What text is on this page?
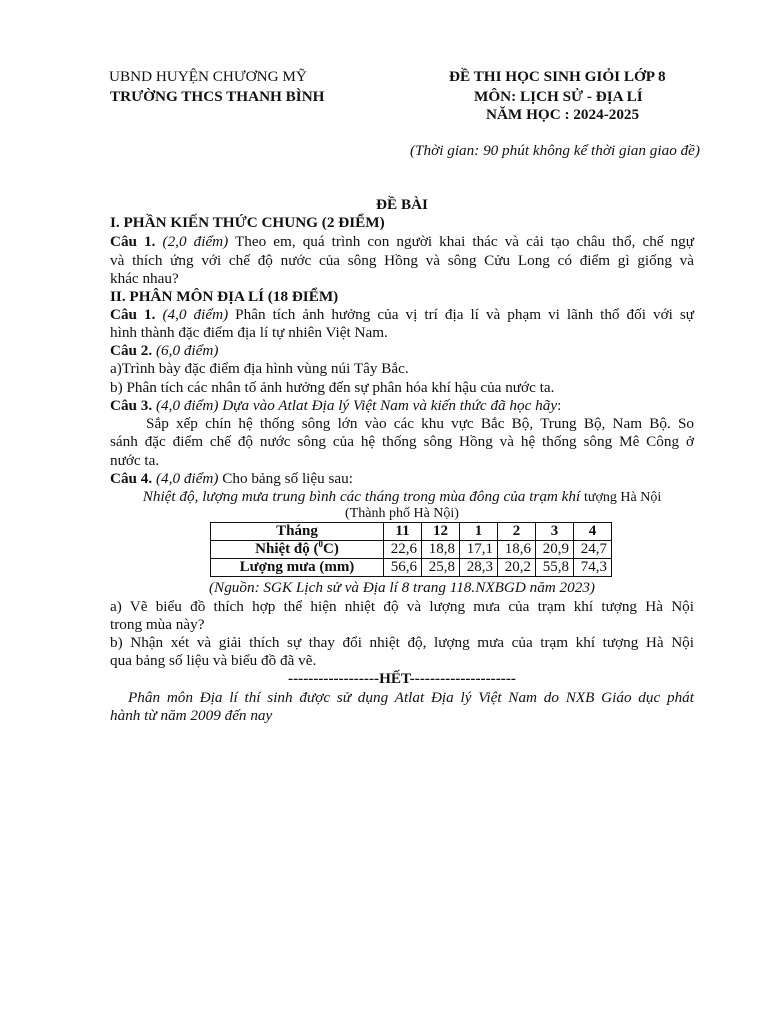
UBND HUYỆN CHƯƠNG MỸ
TRƯỜNG THCS THANH BÌNH
ĐỀ THI HỌC SINH GIỎI LỚP 8
MÔN: LỊCH SỬ - ĐỊA LÍ
NĂM HỌC : 2024-2025
(Thời gian: 90 phút không kể thời gian giao đề)
ĐỀ BÀI
I. PHẦN KIẾN THỨC CHUNG (2 ĐIỂM)
Câu 1. (2,0 điểm) Theo em, quá trình con người khai thác và cải tạo châu thổ, chế ngự
và thích ứng với chế độ nước của sông Hồng và sông Cửu Long có điểm gì giống và
khác nhau?
II. PHÂN MÔN ĐỊA LÍ (18 ĐIỂM)
Câu 1. (4,0 điểm) Phân tích ảnh hưởng của vị trí địa lí và phạm vi lãnh thổ đối với sự
hình thành đặc điểm địa lí tự nhiên Việt Nam.
Câu 2. (6,0 điểm)
a)Trình bày đặc điểm địa hình vùng núi Tây Bắc.
b) Phân tích các nhân tố ảnh hưởng đến sự phân hóa khí hậu của nước ta.
Câu 3. (4,0 điểm) Dựa vào Atlat Địa lý Việt Nam và kiến thức đã học hãy:
Sắp xếp chín hệ thống sông lớn vào các khu vực Bắc Bộ, Trung Bộ, Nam Bộ. So
sánh đặc điểm chế độ nước sông của hệ thống sông Hồng và hệ thống sông Mê Công ở
nước ta.
Câu 4. (4,0 điểm) Cho bảng số liệu sau:
Nhiệt độ, lượng mưa trung bình các tháng trong mùa đông của trạm khí tượng Hà Nội
(Thành phố Hà Nội)
Tháng	11	12	1	2	3	4
Nhiệt độ ($^0$C)	22,6	18,8	17,1	18,6	20,9	24,7
Lượng mưa (mm)	56,6	25,8	28,3	20,2	55,8	74,3
(Nguồn: SGK Lịch sử và Địa lí 8 trang 118.NXBGD năm 2023)
a) Vẽ biểu đồ thích hợp thể hiện nhiệt độ và lượng mưa của trạm khí tượng Hà Nội
trong mùa này?
b) Nhận xét và giải thích sự thay đổi nhiệt độ, lượng mưa của trạm khí tượng Hà Nội
qua bảng số liệu và biểu đồ đã vẽ.
------------------HẾT---------------------
Phân môn Địa lí thí sinh được sử dụng Atlat Địa lý Việt Nam do NXB Giáo dục phát
hành từ năm 2009 đến nay
